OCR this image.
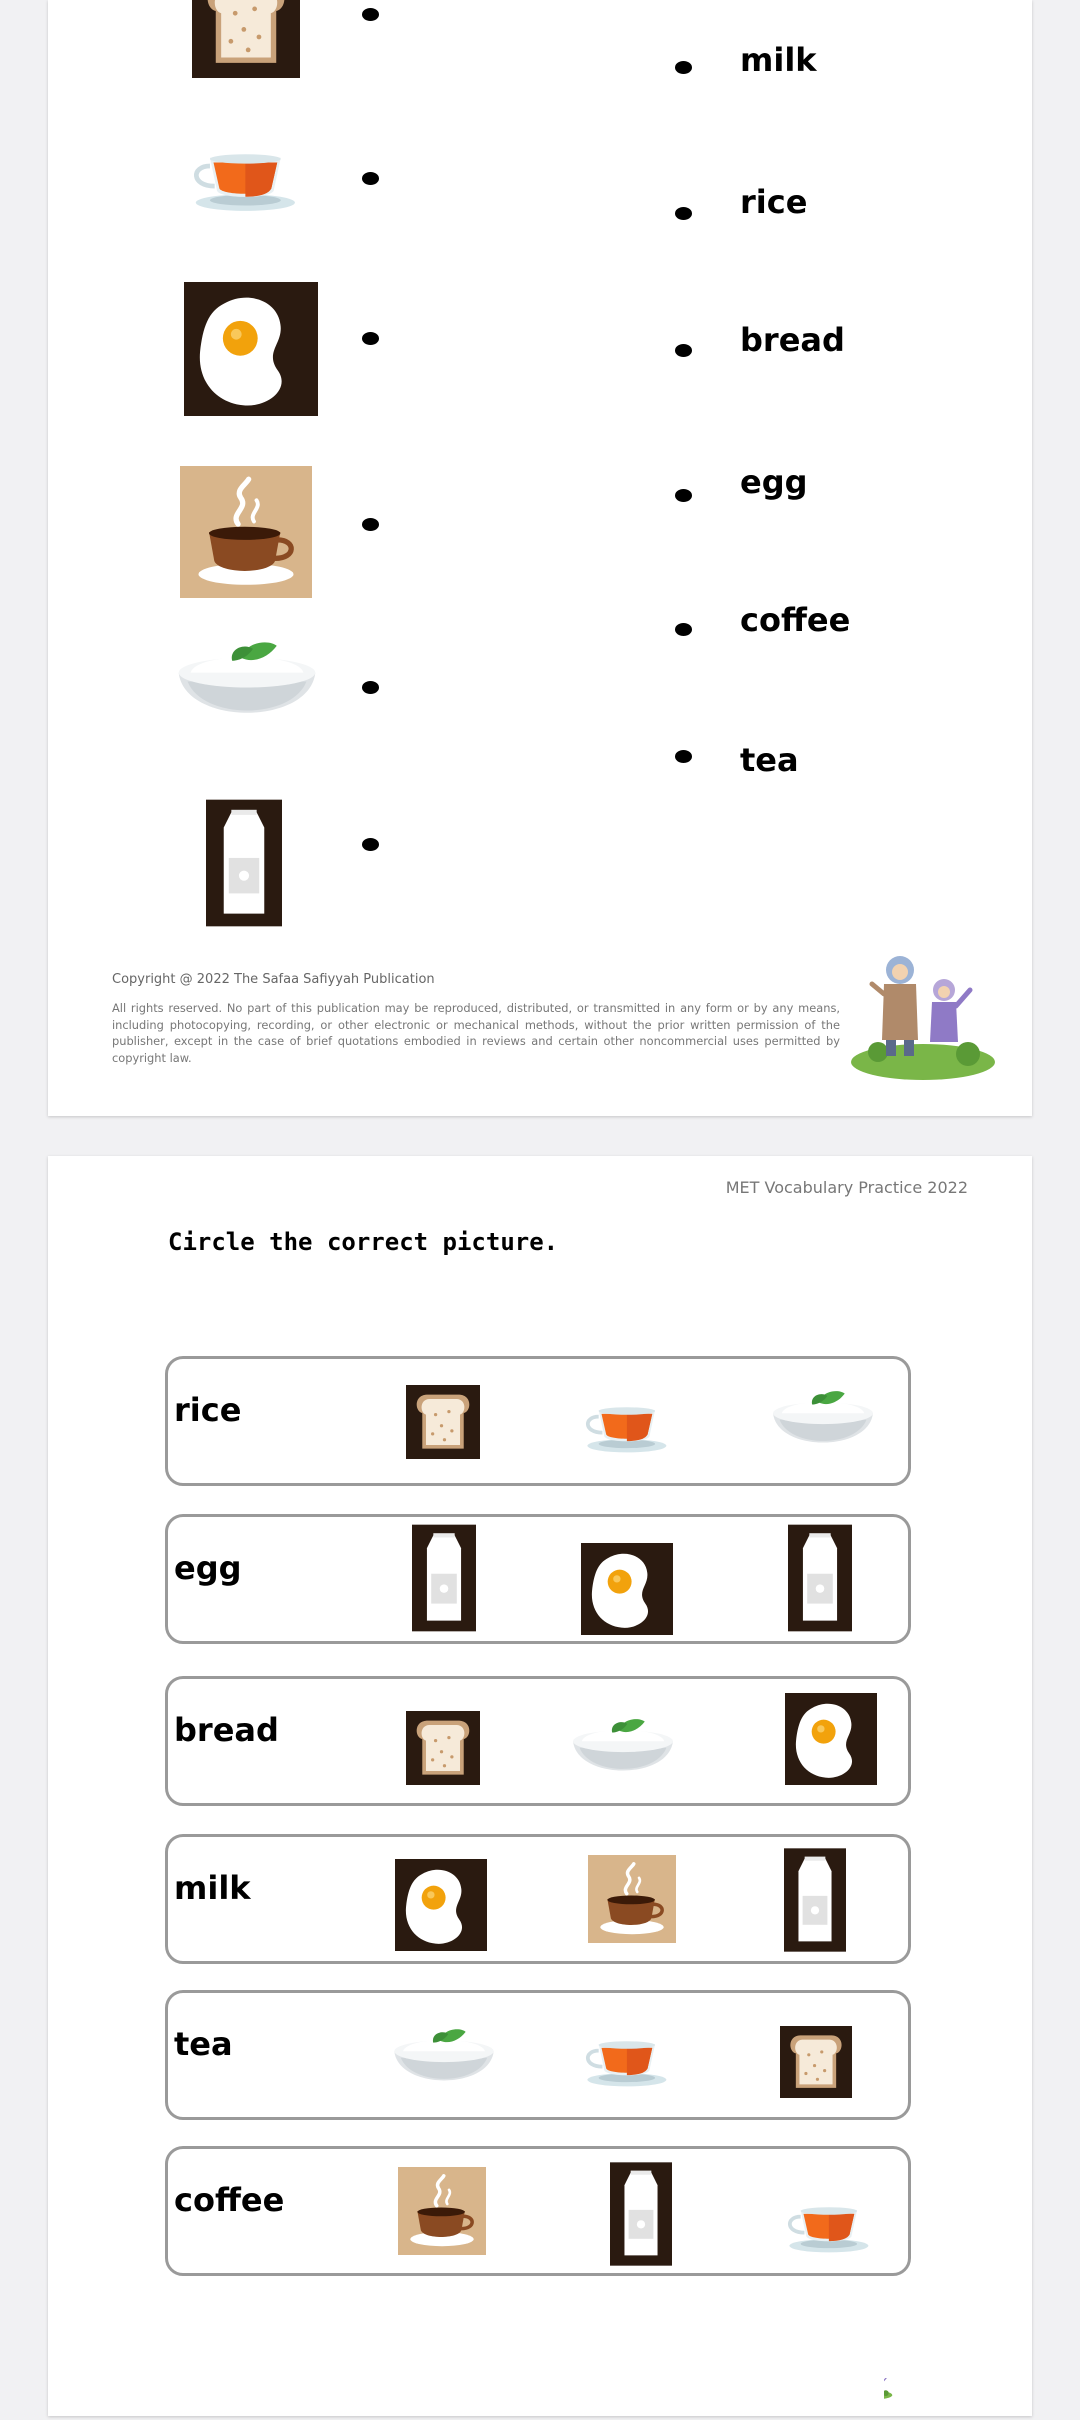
milk
rice
bread
egg
coffee
tea
Copyright @ 2022 The Safaa Safiyyah Publication
All rights reserved. No part of this publication may be reproduced, distributed, or transmitted in any form or by any means, including photocopying, recording, or other electronic or mechanical methods, without the prior written permission of the publisher, except in the case of brief quotations embodied in reviews and certain other noncommercial uses permitted by copyright law.
MET Vocabulary Practice 2022
Circle the correct picture.
rice
egg
bread
milk
tea
coffee
